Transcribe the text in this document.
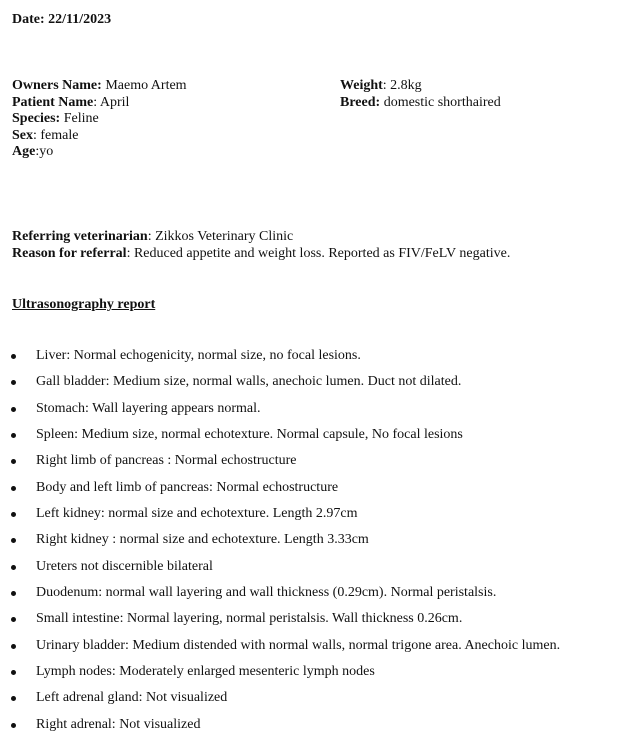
Date: 22/11/2023
Owners Name: Maemo Artem
Patient Name: April
Species: Feline
Sex: female
Age:yo
Weight: 2.8kg
Breed: domestic shorthaired
Referring veterinarian: Zikkos Veterinary Clinic
Reason for referral: Reduced appetite and weight loss. Reported as FIV/FeLV negative.
Ultrasonography report
Liver: Normal echogenicity, normal size, no focal lesions.
Gall bladder: Medium size, normal walls, anechoic lumen. Duct not dilated.
Stomach: Wall layering appears normal.
Spleen: Medium size, normal echotexture. Normal capsule, No focal lesions
Right limb of pancreas : Normal echostructure
Body and left limb of pancreas: Normal echostructure
Left kidney: normal size and echotexture. Length 2.97cm
Right kidney : normal size and echotexture. Length 3.33cm
Ureters not discernible bilateral
Duodenum: normal wall layering and wall thickness (0.29cm). Normal peristalsis.
Small intestine: Normal layering, normal peristalsis. Wall thickness 0.26cm.
Urinary bladder: Medium distended with normal walls, normal trigone area. Anechoic lumen.
Lymph nodes: Moderately enlarged mesenteric lymph nodes
Left adrenal gland: Not visualized
Right adrenal: Not visualized
